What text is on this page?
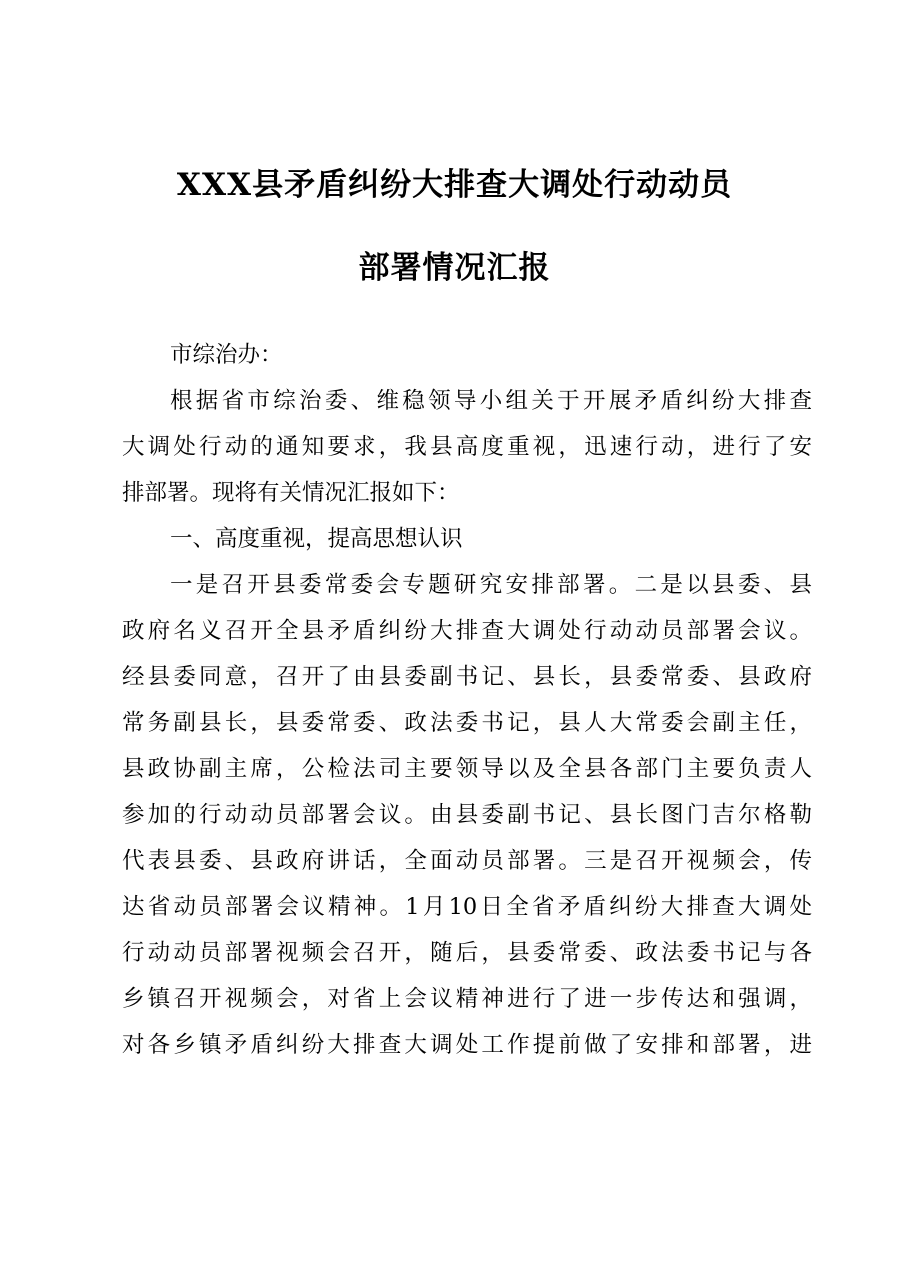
XXX县矛盾纠纷大排查大调处行动动员
部署情况汇报
市综治办：
根据省市综治委、维稳领导小组关于开展矛盾纠纷大排查
大调处行动的通知要求，我县高度重视，迅速行动，进行了安
排部署。现将有关情况汇报如下：
一、高度重视，提高思想认识
一是召开县委常委会专题研究安排部署。二是以县委、县
政府名义召开全县矛盾纠纷大排查大调处行动动员部署会议。
经县委同意，召开了由县委副书记、县长，县委常委、县政府
常务副县长，县委常委、政法委书记，县人大常委会副主任，
县政协副主席，公检法司主要领导以及全县各部门主要负责人
参加的行动动员部署会议。由县委副书记、县长图门吉尔格勒
代表县委、县政府讲话，全面动员部署。三是召开视频会，传
达省动员部署会议精神。1月10日全省矛盾纠纷大排查大调处
行动动员部署视频会召开，随后，县委常委、政法委书记与各
乡镇召开视频会，对省上会议精神进行了进一步传达和强调，
对各乡镇矛盾纠纷大排查大调处工作提前做了安排和部署，进
